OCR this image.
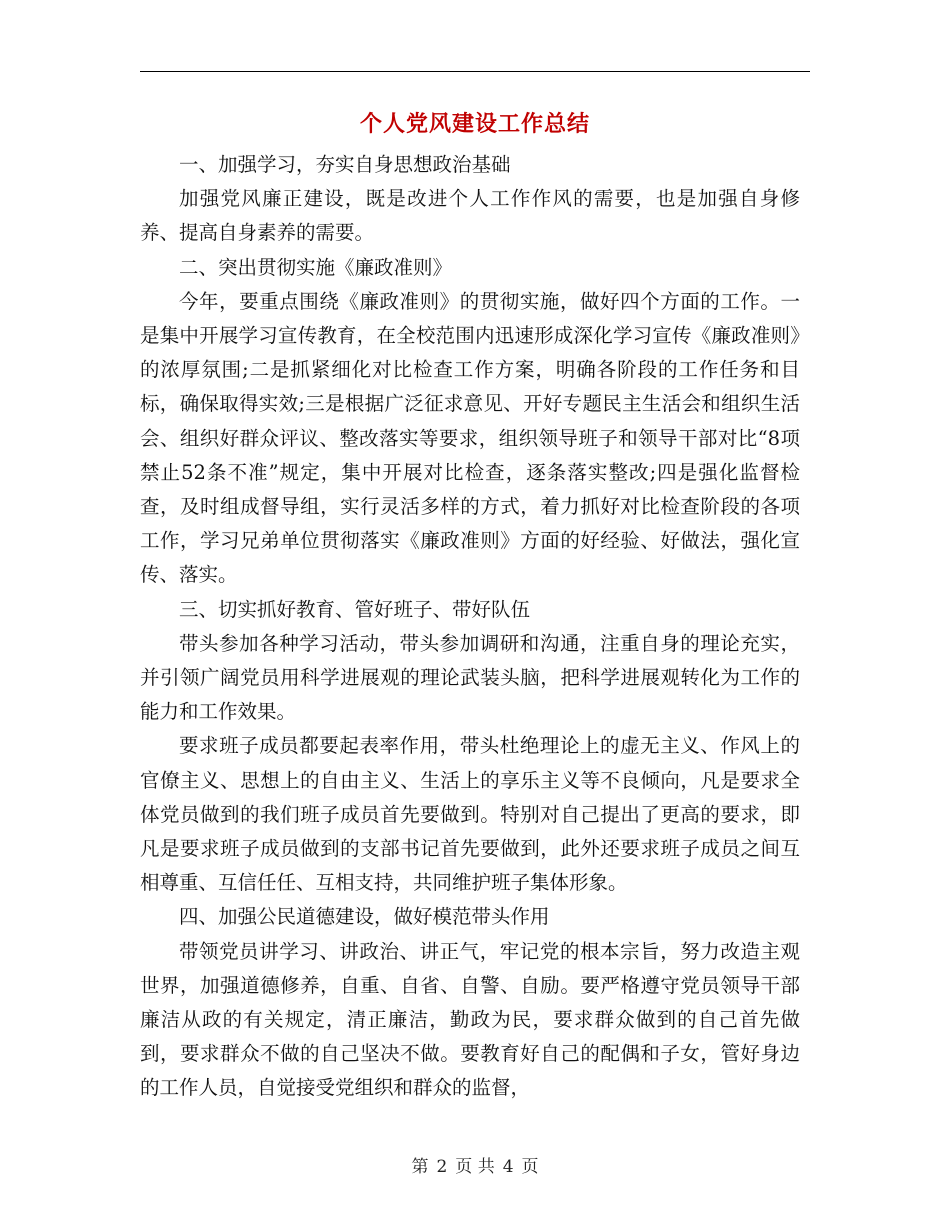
个人党风建设工作总结

一、加强学习，夯实自身思想政治基础

加强党风廉正建设，既是改进个人工作作风的需要，也是加强自身修养、提高自身素养的需要。

二、突出贯彻实施《廉政准则》

今年，要重点围绕《廉政准则》的贯彻实施，做好四个方面的工作。一是集中开展学习宣传教育，在全校范围内迅速形成深化学习宣传《廉政准则》的浓厚氛围;二是抓紧细化对比检查工作方案，明确各阶段的工作任务和目标，确保取得实效;三是根据广泛征求意见、开好专题民主生活会和组织生活会、组织好群众评议、整改落实等要求，组织领导班子和领导干部对比“8项禁止52条不准”规定，集中开展对比检查，逐条落实整改;四是强化监督检查，及时组成督导组，实行灵活多样的方式，着力抓好对比检查阶段的各项工作，学习兄弟单位贯彻落实《廉政准则》方面的好经验、好做法，强化宣传、落实。

三、切实抓好教育、管好班子、带好队伍

带头参加各种学习活动，带头参加调研和沟通，注重自身的理论充实，并引领广阔党员用科学进展观的理论武装头脑，把科学进展观转化为工作的能力和工作效果。

要求班子成员都要起表率作用，带头杜绝理论上的虚无主义、作风上的官僚主义、思想上的自由主义、生活上的享乐主义等不良倾向，凡是要求全体党员做到的我们班子成员首先要做到。特别对自己提出了更高的要求，即凡是要求班子成员做到的支部书记首先要做到，此外还要求班子成员之间互相尊重、互信任任、互相支持，共同维护班子集体形象。

四、加强公民道德建设，做好模范带头作用

带领党员讲学习、讲政治、讲正气，牢记党的根本宗旨，努力改造主观世界，加强道德修养，自重、自省、自警、自励。要严格遵守党员领导干部廉洁从政的有关规定，清正廉洁，勤政为民，要求群众做到的自己首先做到，要求群众不做的自己坚决不做。要教育好自己的配偶和子女，管好身边的工作人员，自觉接受党组织和群众的监督，

第 2 页 共 4 页
